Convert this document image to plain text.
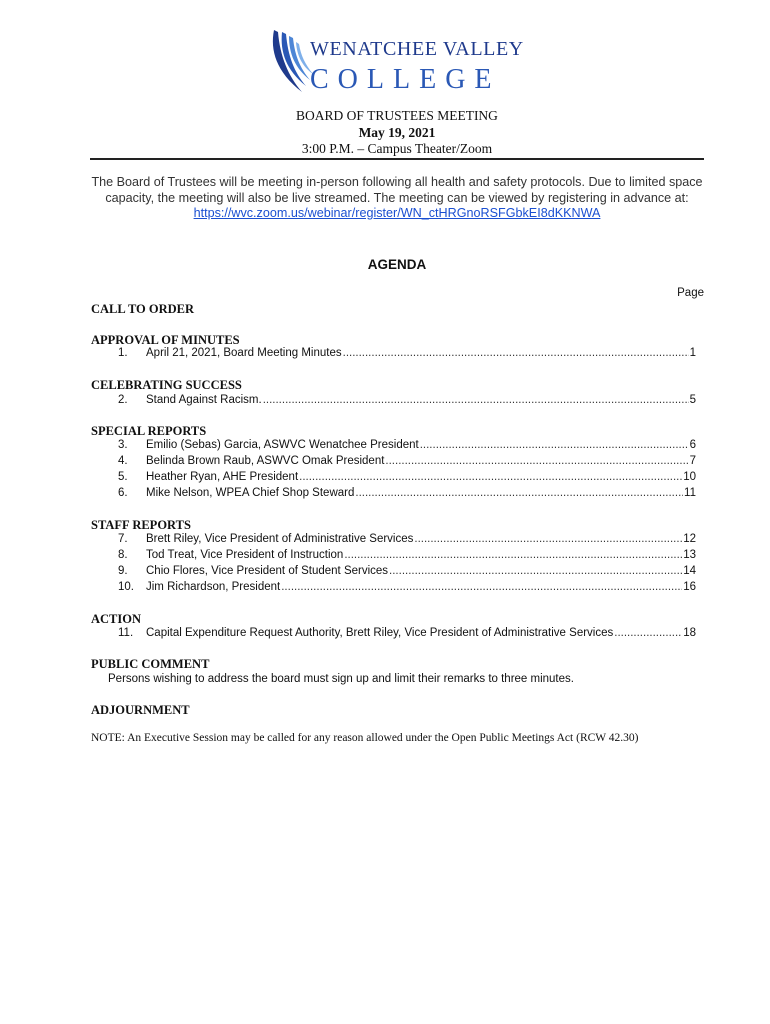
WENATCHEE VALLEY
COLLEGE
BOARD OF TRUSTEES MEETING
May 19, 2021
3:00 P.M. – Campus Theater/Zoom
The Board of Trustees will be meeting in-person following all health and safety protocols. Due to limited space capacity, the meeting will also be live streamed. The meeting can be viewed by registering in advance at:
https://wvc.zoom.us/webinar/register/WN_ctHRGnoRSFGbkEI8dKKNWA
AGENDA
Page
CALL TO ORDER
APPROVAL OF MINUTES
1.	April 21, 2021, Board Meeting Minutes .....	1
CELEBRATING SUCCESS
2.	Stand Against Racism. .....	5
SPECIAL REPORTS
3.	Emilio (Sebas) Garcia, ASWVC Wenatchee President .....	6
4.	Belinda Brown Raub, ASWVC Omak President .....	7
5.	Heather Ryan, AHE President .....	10
6.	Mike Nelson, WPEA Chief Shop Steward .....	11
STAFF REPORTS
7.	Brett Riley, Vice President of Administrative Services .....	12
8.	Tod Treat, Vice President of Instruction .....	13
9.	Chio Flores, Vice President of Student Services .....	14
10.	Jim Richardson, President .....	16
ACTION
11.	Capital Expenditure Request Authority, Brett Riley, Vice President of Administrative Services .....	18
PUBLIC COMMENT
Persons wishing to address the board must sign up and limit their remarks to three minutes.
ADJOURNMENT
NOTE: An Executive Session may be called for any reason allowed under the Open Public Meetings Act (RCW 42.30)
